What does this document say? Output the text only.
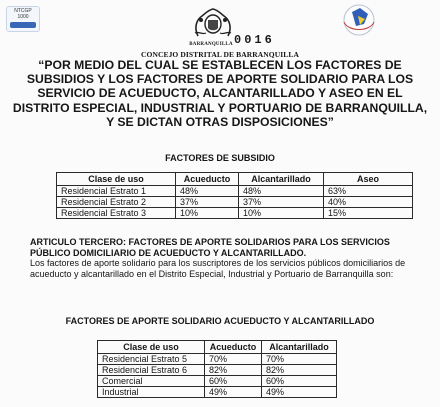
NTCGP
1000
BARRANQUILLA 0016
CONCEJO DISTRITAL DE BARRANQUILLA
“POR MEDIO DEL CUAL SE ESTABLECEN LOS FACTORES DE SUBSIDIOS Y LOS FACTORES DE APORTE SOLIDARIO PARA LOS SERVICIO DE ACUEDUCTO, ALCANTARILLADO Y ASEO EN EL DISTRITO ESPECIAL, INDUSTRIAL Y PORTUARIO DE BARRANQUILLA, Y SE DICTAN OTRAS DISPOSICIONES”
FACTORES DE SUBSIDIO
Clase de uso	Acueducto	Alcantarillado	Aseo
Residencial Estrato 1	48%	48%	63%
Residencial Estrato 2	37%	37%	40%
Residencial Estrato 3	10%	10%	15%
ARTICULO TERCERO: FACTORES DE APORTE SOLIDARIOS PARA LOS SERVICIOS PÚBLICO DOMICILIARIO DE ACUEDUCTO Y ALCANTARILLADO.
Los factores de aporte solidario para los suscriptores de los servicios públicos domiciliarios de acueducto y alcantarillado en el Distrito Especial, Industrial y Portuario de Barranquilla son:
FACTORES DE APORTE SOLIDARIO ACUEDUCTO Y ALCANTARILLADO
Clase de uso	Acueducto	Alcantarillado
Residencial Estrato 5	70%	70%
Residencial Estrato 6	82%	82%
Comercial	60%	60%
Industrial	49%	49%
